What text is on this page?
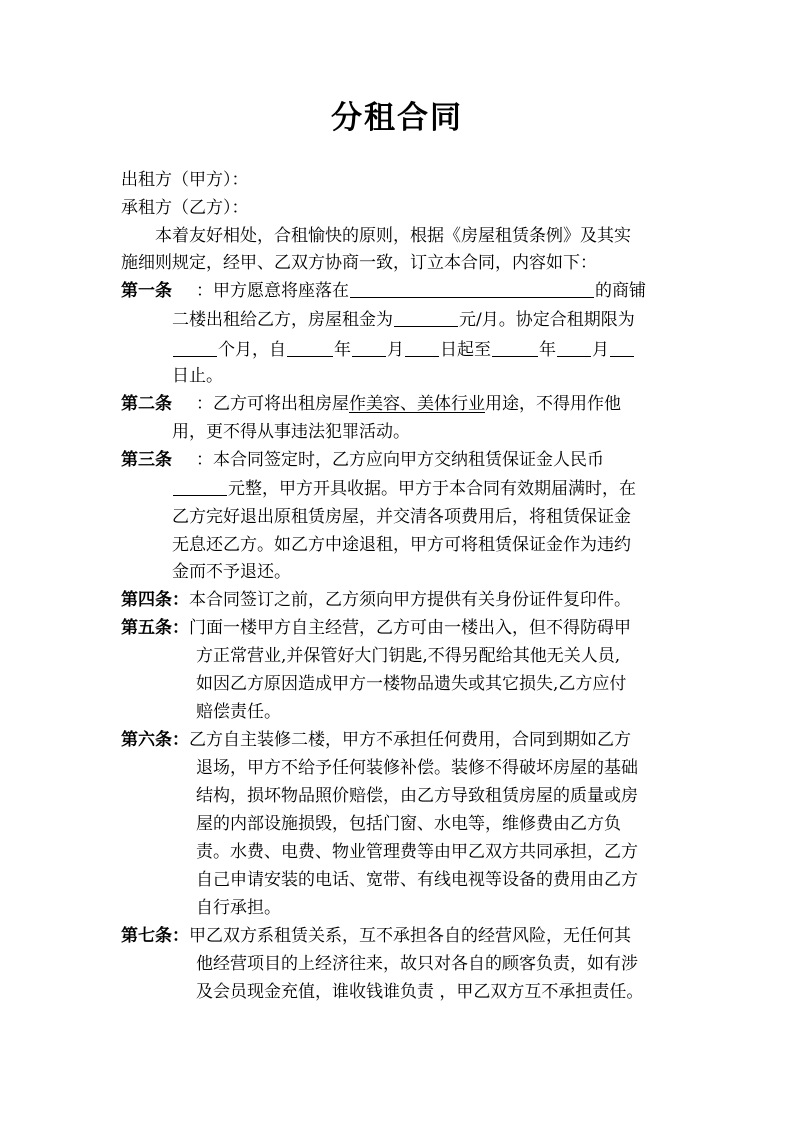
分租合同
出租方（甲方）：
承租方（乙方）：
本着友好相处，合租愉快的原则，根据《房屋租赁条例》及其实
施细则规定，经甲、乙双方协商一致，订立本合同，内容如下：
第一条 ：甲方愿意将座落在	的商铺
二楼出租给乙方，房屋租金为	元/月。协定合租期限为
个月，自	年 月 日起至	年 月
日止。
第二条 ：乙方可将出租房屋作美容、美体行业用途，不得用作他
用，更不得从事违法犯罪活动。
第三条 ：本合同签定时，乙方应向甲方交纳租赁保证金人民币
元整，甲方开具收据。甲方于本合同有效期届满时，在
乙方完好退出原租赁房屋，并交清各项费用后，将租赁保证金
无息还乙方。如乙方中途退租，甲方可将租赁保证金作为违约
金而不予退还。
第四条：本合同签订之前，乙方须向甲方提供有关身份证件复印件。
第五条：门面一楼甲方自主经营，乙方可由一楼出入，但不得防碍甲
方正常营业,并保管好大门钥匙,不得另配给其他无关人员,
如因乙方原因造成甲方一楼物品遗失或其它损失,乙方应付
赔偿责任。
第六条：乙方自主装修二楼，甲方不承担任何费用，合同到期如乙方
退场，甲方不给予任何装修补偿。装修不得破坏房屋的基础
结构，损坏物品照价赔偿，由乙方导致租赁房屋的质量或房
屋的内部设施损毁，包括门窗、水电等，维修费由乙方负
责。水费、电费、物业管理费等由甲乙双方共同承担，乙方
自己申请安装的电话、宽带、有线电视等设备的费用由乙方
自行承担。
第七条：甲乙双方系租赁关系，互不承担各自的经营风险，无任何其
他经营项目的上经济往来，故只对各自的顾客负责，如有涉
及会员现金充值，谁收钱谁负责 ，甲乙双方互不承担责任。
